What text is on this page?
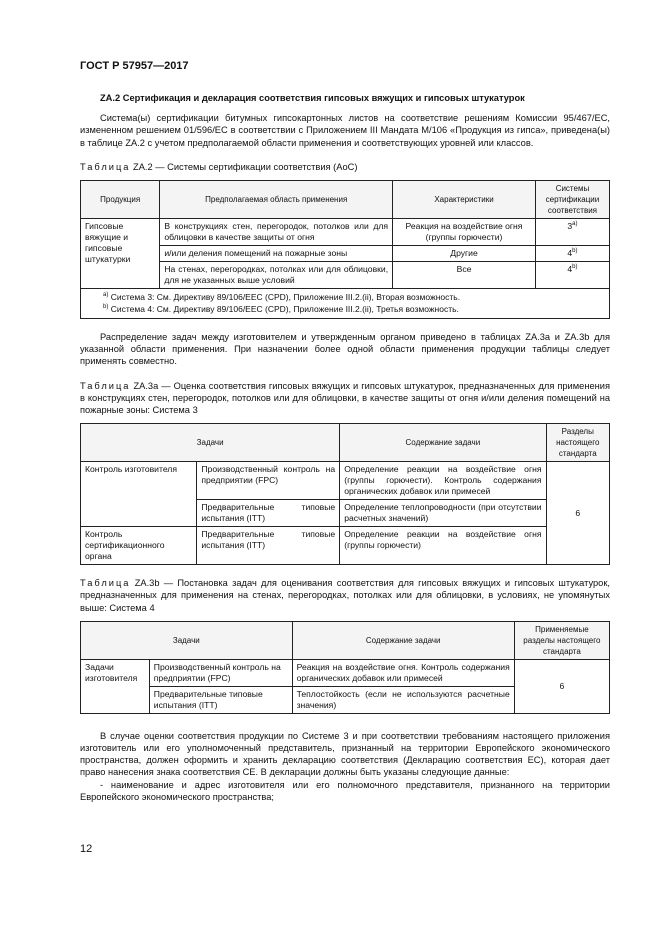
ГОСТ Р 57957—2017

ZA.2 Сертификация и декларация соответствия гипсовых вяжущих и гипсовых штукатурок

Система(ы) сертификации битумных гипсокартонных листов на соответствие решениям Комиссии 95/467/ЕС, измененном решением 01/596/ЕС в соответствии с Приложением III Мандата М/106 «Продукция из гипса», приведена(ы) в таблице ZA.2 с учетом предполагаемой области применения и соответствующих уровней или классов.

Таблица ZA.2 — Системы сертификации соответствия (АоС)
Продукция	Предполагаемая область применения	Характеристики	Системы сертификации соответствия
Гипсовые вяжущие и гипсовые штукатурки	В конструкциях стен, перегородок, потолков или для облицовки в качестве защиты от огня	Реакция на воздействие огня (группы горючести)	3$^{a)}$
	и/или деления помещений на пожарные зоны	Другие	4$^{b)}$
	На стенах, перегородках, потолках или для облицовки, для не указанных выше условий	Все	4$^{b)}$

$^{a)}$ Система 3: См. Директиву 89/106/ЕЕС (CPD), Приложение III.2.(ii), Вторая возможность.
$^{b)}$ Система 4: См. Директиву 89/106/ЕЕС (CPD), Приложение III.2.(ii), Третья возможность.			

Распределение задач между изготовителем и утвержденным органом приведено в таблицах ZA.3a и ZA.3b для указанной области применения. При назначении более одной области применения продукции таблицы следует применять совместно.

Таблица ZA.3a — Оценка соответствия гипсовых вяжущих и гипсовых штукатурок, предназначенных для применения в конструкциях стен, перегородок, потолков или для облицовки, в качестве защиты от огня и/или деления помещений на пожарные зоны: Система 3
Задачи		Содержание задачи	Разделы настоящего стандарта
Контроль изготовителя	Производственный контроль на предприятии (FPC)	Определение реакции на воздействие огня (группы горючести). Контроль содержания органических добавок или примесей	6
	Предварительные типовые испытания (ITT)	Определение теплопроводности (при отсутствии расчетных значений)	
Контроль сертификационного органа	Предварительные типовые испытания (ITT)	Определение реакции на воздействие огня (группы горючести)	
Таблица ZA.3b — Постановка задач для оценивания соответствия для гипсовых вяжущих и гипсовых штукатурок, предназначенных для применения на стенах, перегородках, потолках или для облицовки, в условиях, не упомянутых выше: Система 4
Задачи		Содержание задачи	Применяемые разделы настоящего стандарта
Задачи изготовителя	Производственный контроль на предприятии (FPC)	Реакция на воздействие огня. Контроль содержания органических добавок или примесей	6
	Предварительные типовые испытания (ITT)	Теплостойкость (если не используются расчетные значения)	

В случае оценки соответствия продукции по Системе 3 и при соответствии требованиям настоящего приложения изготовитель или его уполномоченный представитель, признанный на территории Европейского экономического пространства, должен оформить и хранить декларацию соответствия (Декларацию соответствия ЕС), которая дает право нанесения знака соответствия СЕ. В декларации должны быть указаны следующие данные:

- наименование и адрес изготовителя или его полномочного представителя, признанного на территории Европейского экономического пространства;

12
